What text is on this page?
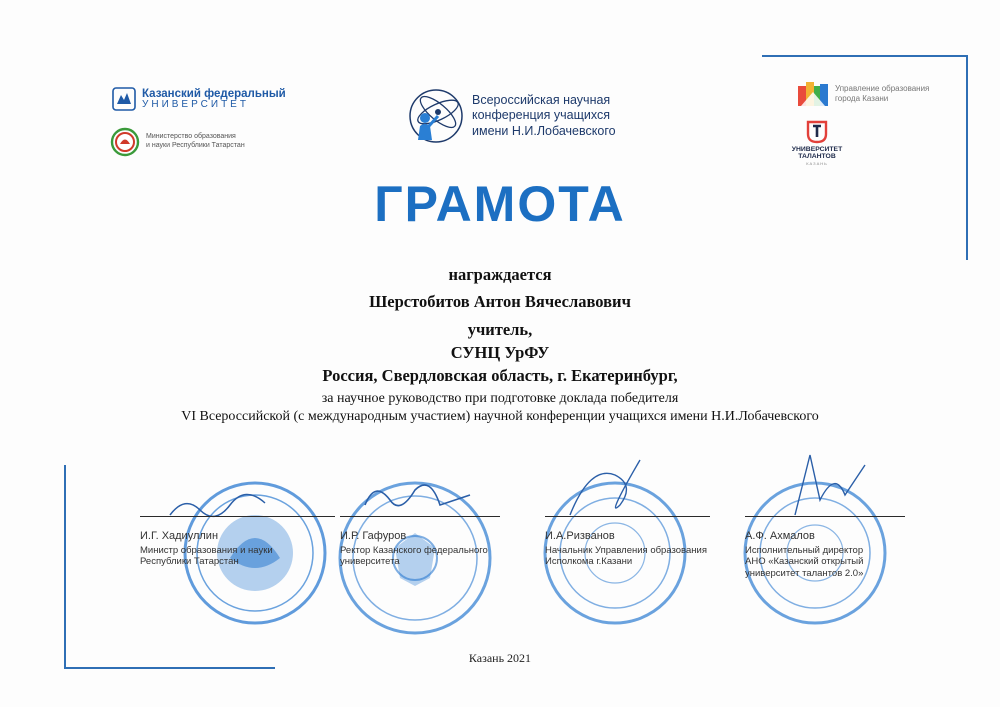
Казанский федеральный
УНИВЕРСИТЕТ
Министерство образования
и науки Республики Татарстан
Всероссийская научная
конференция учащихся
имени Н.И.Лобачевского
Управление образования
города Казани
УНИВЕРСИТЕТ
ТАЛАНТОВ
КАЗАНЬ
ГРАМОТА
награждается
Шерстобитов Антон Вячеславович
учитель,
СУНЦ УрФУ
Россия, Свердловская область, г. Екатеринбург,
за научное руководство при подготовке доклада победителя
VI Всероссийской (с международным участием) научной конференции учащихся имени Н.И.Лобачевского
И.Г. Хадиуллин
Министр образования и науки
Республики Татарстан
И.Р. Гафуров
Ректор Казанского федерального
университета
И.А.Ризванов
Начальник Управления образования
Исполкома г.Казани
А.Ф. Ахмалов
Исполнительный директор
АНО «Казанский открытый
университет талантов 2.0»
Казань 2021
